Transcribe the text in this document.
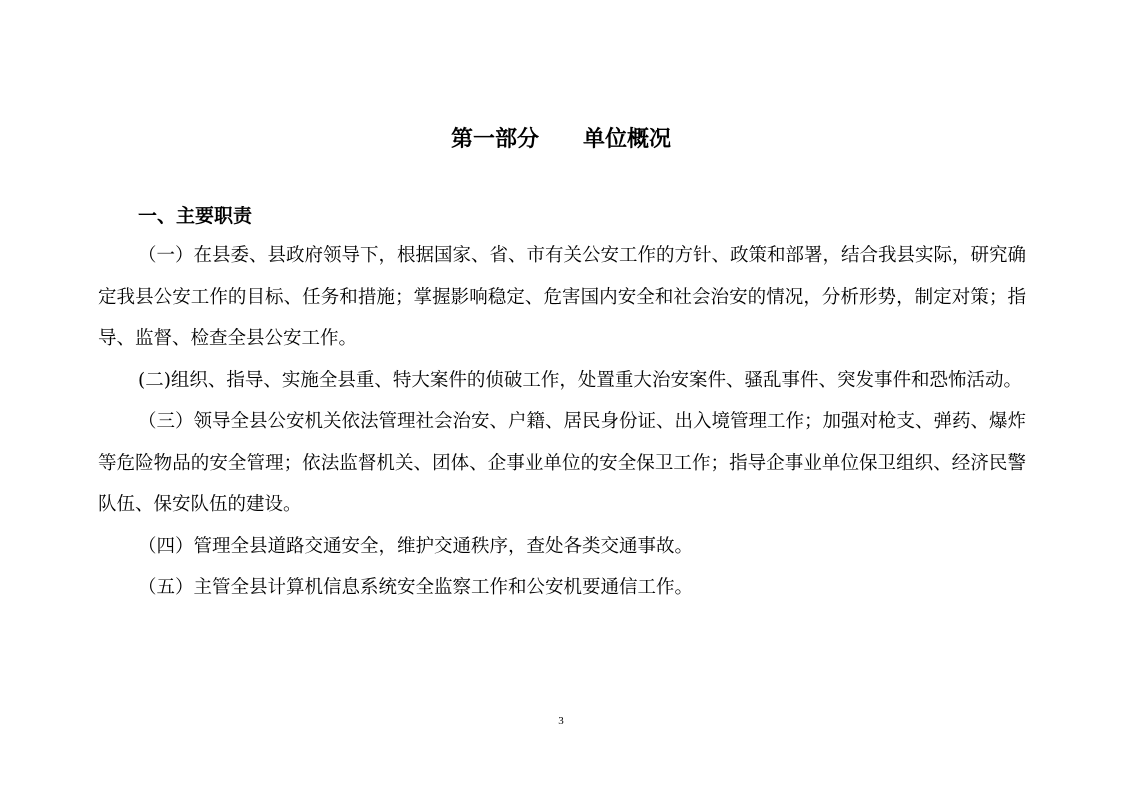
第一部分　　单位概况
一、主要职责

（一）在县委、县政府领导下，根据国家、省、市有关公安工作的方针、政策和部署，结合我县实际，研究确定我县公安工作的目标、任务和措施；掌握影响稳定、危害国内安全和社会治安的情况，分析形势，制定对策；指导、监督、检查全县公安工作。

(二)组织、指导、实施全县重、特大案件的侦破工作，处置重大治安案件、骚乱事件、突发事件和恐怖活动。

（三）领导全县公安机关依法管理社会治安、户籍、居民身份证、出入境管理工作；加强对枪支、弹药、爆炸等危险物品的安全管理；依法监督机关、团体、企事业单位的安全保卫工作；指导企事业单位保卫组织、经济民警队伍、保安队伍的建设。

（四）管理全县道路交通安全，维护交通秩序，查处各类交通事故。

（五）主管全县计算机信息系统安全监察工作和公安机要通信工作。

3
